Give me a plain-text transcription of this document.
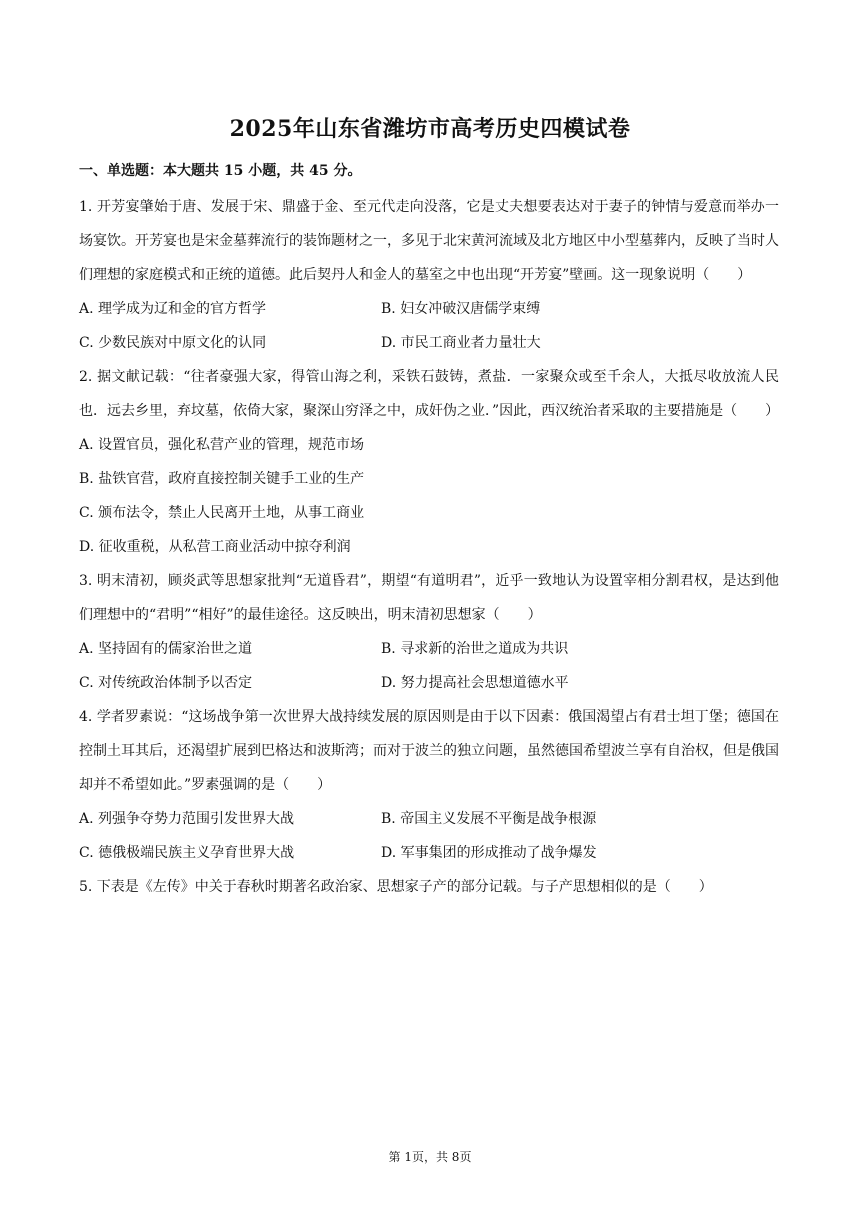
2025年山东省潍坊市高考历史四模试卷
一、单选题：本大题共 15 小题，共 45 分。

1. 开芳宴肇始于唐、发展于宋、鼎盛于金、至元代走向没落，它是丈夫想要表达对于妻子的钟情与爱意而举办一场宴饮。开芳宴也是宋金墓葬流行的装饰题材之一，多见于北宋黄河流域及北方地区中小型墓葬内，反映了当时人们理想的家庭模式和正统的道德。此后契丹人和金人的墓室之中也出现“开芳宴”壁画。这一现象说明（　　）

A. 理学成为辽和金的官方哲学	B. 妇女冲破汉唐儒学束缚
C. 少数民族对中原文化的认同	D. 市民工商业者力量壮大

2. 据文献记载：“往者豪强大家，得管山海之利，采铁石鼓铸，煮盐．一家聚众或至千余人，大抵尽收放流人民也．远去乡里，弃坟墓，依倚大家，聚深山穷泽之中，成奸伪之业．”因此，西汉统治者采取的主要措施是（　　）

A. 设置官员，强化私营产业的管理，规范市场
B. 盐铁官营，政府直接控制关键手工业的生产
C. 颁布法令，禁止人民离开土地，从事工商业
D. 征收重税，从私营工商业活动中掠夺利润

3. 明末清初，顾炎武等思想家批判“无道昏君”，期望“有道明君”，近乎一致地认为设置宰相分割君权，是达到他们理想中的“君明”“相好”的最佳途径。这反映出，明末清初思想家（　　）

A. 坚持固有的儒家治世之道	B. 寻求新的治世之道成为共识
C. 对传统政治体制予以否定	D. 努力提高社会思想道德水平

4. 学者罗素说：“这场战争第一次世界大战持续发展的原因则是由于以下因素：俄国渴望占有君士坦丁堡；德国在控制土耳其后，还渴望扩展到巴格达和波斯湾；而对于波兰的独立问题，虽然德国希望波兰享有自治权，但是俄国却并不希望如此。”罗素强调的是（　　）

A. 列强争夺势力范围引发世界大战	B. 帝国主义发展不平衡是战争根源
C. 德俄极端民族主义孕育世界大战	D. 军事集团的形成推动了战争爆发

5. 下表是《左传》中关于春秋时期著名政治家、思想家子产的部分记载。与子产思想相似的是（　　）

第 1页，共 8页
